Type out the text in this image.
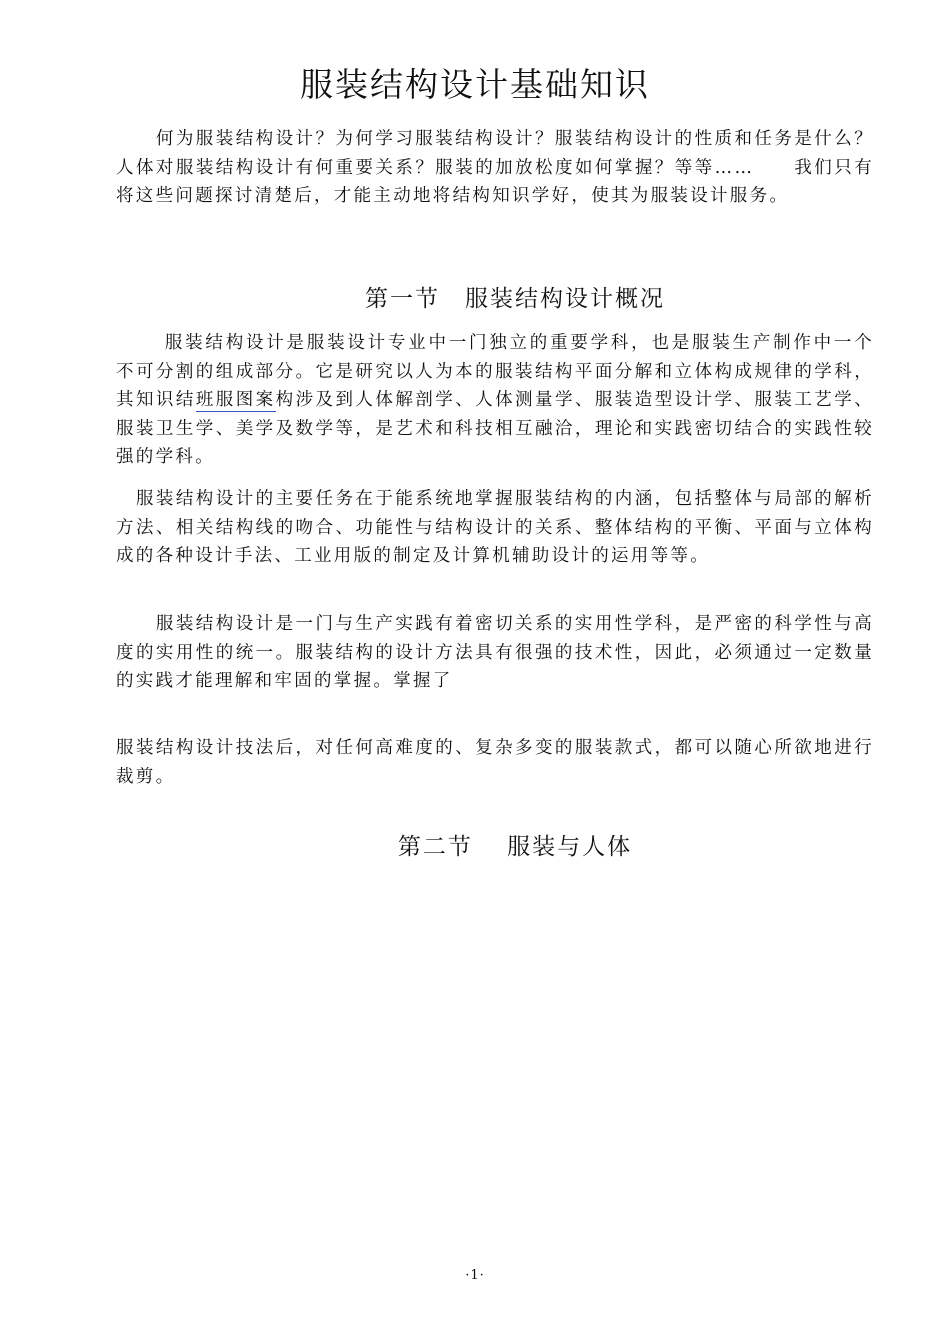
服装结构设计基础知识

　　何为服装结构设计？为何学习服装结构设计？服装结构设计的性质和任务是什么？人体对服装结构设计有何重要关系？服装的加放松度如何掌握？等等……　　我们只有将这些问题探讨清楚后，才能主动地将结构知识学好，使其为服装设计服务。

第一节　服装结构设计概况

　　 服装结构设计是服装设计专业中一门独立的重要学科，也是服装生产制作中一个不可分割的组成部分。它是研究以人为本的服装结构平面分解和立体构成规律的学科，其知识结班服图案构涉及到人体解剖学、人体测量学、服装造型设计学、服装工艺学、服装卫生学、美学及数学等，是艺术和科技相互融洽，理论和实践密切结合的实践性较强的学科。

　服装结构设计的主要任务在于能系统地掌握服装结构的内涵，包括整体与局部的解析方法、相关结构线的吻合、功能性与结构设计的关系、整体结构的平衡、平面与立体构成的各种设计手法、工业用版的制定及计算机辅助设计的运用等等。

　　服装结构设计是一门与生产实践有着密切关系的实用性学科，是严密的科学性与高度的实用性的统一。服装结构的设计方法具有很强的技术性，因此，必须通过一定数量的实践才能理解和牢固的掌握。掌握了

服装结构设计技法后，对任何高难度的、复杂多变的服装款式，都可以随心所欲地进行裁剪。

第二节　 服装与人体
·1·
